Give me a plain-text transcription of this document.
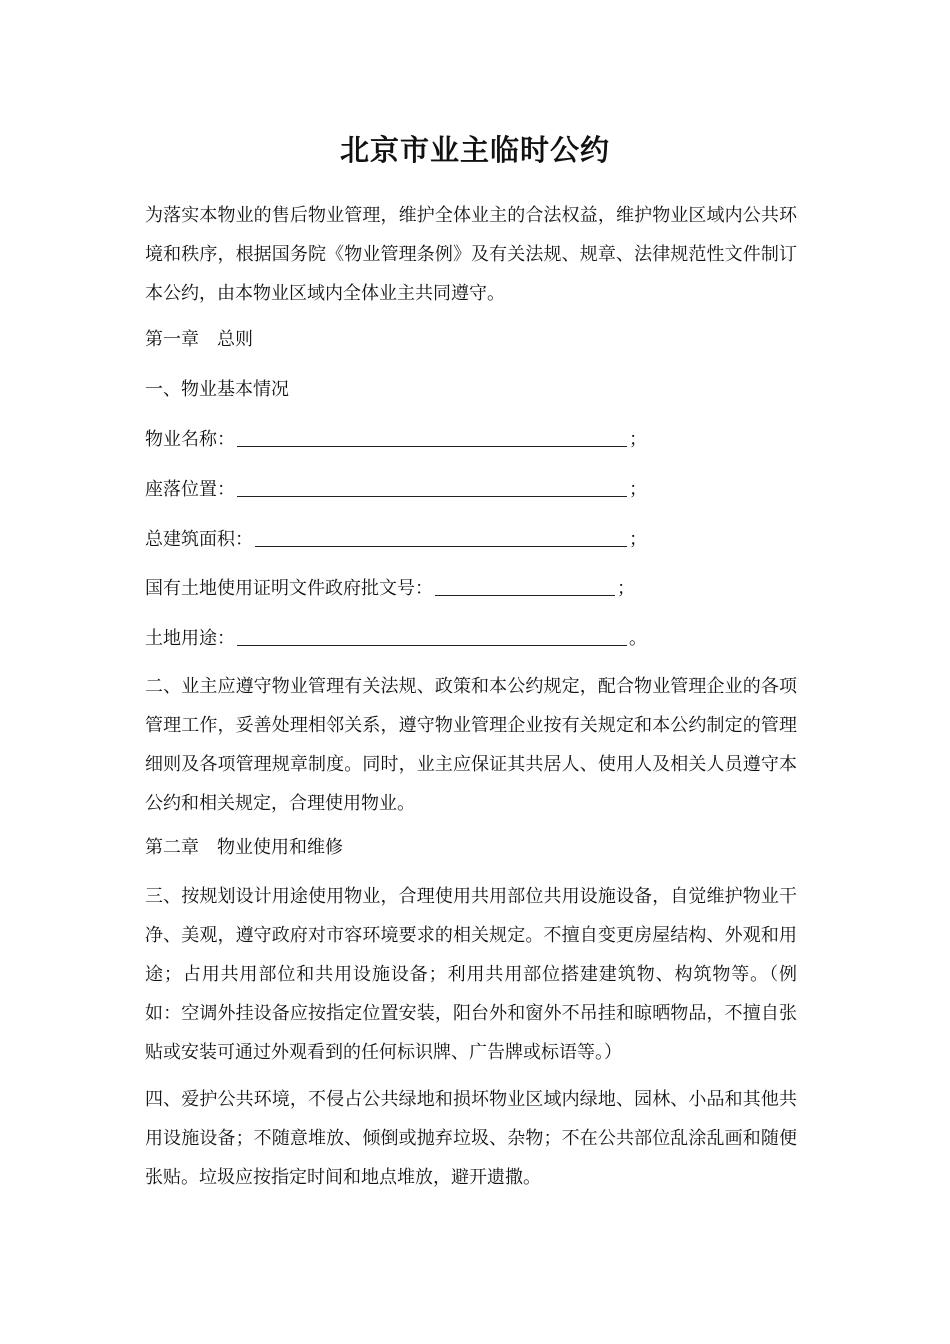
北京市业主临时公约

为落实本物业的售后物业管理，维护全体业主的合法权益，维护物业区域内公共环境和秩序，根据国务院《物业管理条例》及有关法规、规章、法律规范性文件制订本公约，由本物业区域内全体业主共同遵守。

第一章 总则
一、物业基本情况
物业名称：	；
座落位置：	；
总建筑面积：	；
国有土地使用证明文件政府批文号：	；
土地用途：	。

二、业主应遵守物业管理有关法规、政策和本公约规定，配合物业管理企业的各项管理工作，妥善处理相邻关系，遵守物业管理企业按有关规定和本公约制定的管理细则及各项管理规章制度。同时，业主应保证其共居人、使用人及相关人员遵守本公约和相关规定，合理使用物业。

第二章 物业使用和维修

三、按规划设计用途使用物业，合理使用共用部位共用设施设备，自觉维护物业干净、美观，遵守政府对市容环境要求的相关规定。不擅自变更房屋结构、外观和用途；占用共用部位和共用设施设备；利用共用部位搭建建筑物、构筑物等。（例如：空调外挂设备应按指定位置安装，阳台外和窗外不吊挂和晾晒物品，不擅自张贴或安装可通过外观看到的任何标识牌、广告牌或标语等。）

四、爱护公共环境，不侵占公共绿地和损坏物业区域内绿地、园林、小品和其他共用设施设备；不随意堆放、倾倒或抛弃垃圾、杂物；不在公共部位乱涂乱画和随便张贴。垃圾应按指定时间和地点堆放，避开遗撒。
